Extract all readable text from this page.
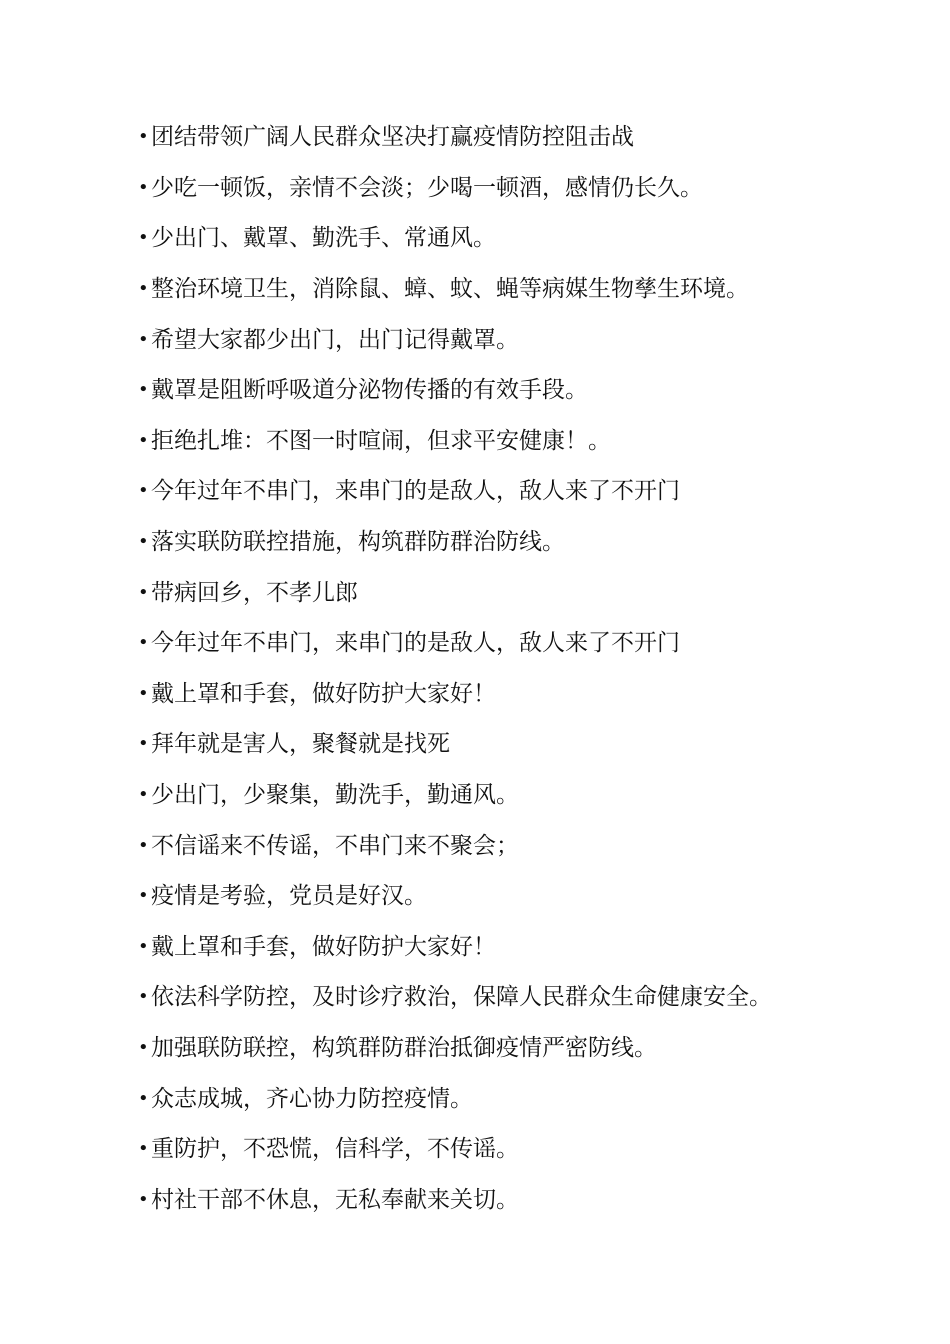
• 团结带领广阔人民群众坚决打赢疫情防控阻击战
• 少吃一顿饭，亲情不会淡；少喝一顿酒，感情仍长久。
• 少出门、戴罩、勤洗手、常通风。
• 整治环境卫生，消除鼠、蟑、蚊、蝇等病媒生物孳生环境。
• 希望大家都少出门，出门记得戴罩。
• 戴罩是阻断呼吸道分泌物传播的有效手段。
• 拒绝扎堆：不图一时喧闹，但求平安健康！。
• 今年过年不串门，来串门的是敌人，敌人来了不开门
• 落实联防联控措施，构筑群防群治防线。
• 带病回乡，不孝儿郎
• 今年过年不串门，来串门的是敌人，敌人来了不开门
• 戴上罩和手套，做好防护大家好！
• 拜年就是害人，聚餐就是找死
• 少出门，少聚集，勤洗手，勤通风。
• 不信谣来不传谣，不串门来不聚会；
• 疫情是考验，党员是好汉。
• 戴上罩和手套，做好防护大家好！
• 依法科学防控，及时诊疗救治，保障人民群众生命健康安全。
• 加强联防联控，构筑群防群治抵御疫情严密防线。
• 众志成城，齐心协力防控疫情。
• 重防护，不恐慌，信科学，不传谣。
• 村社干部不休息，无私奉献来关切。
